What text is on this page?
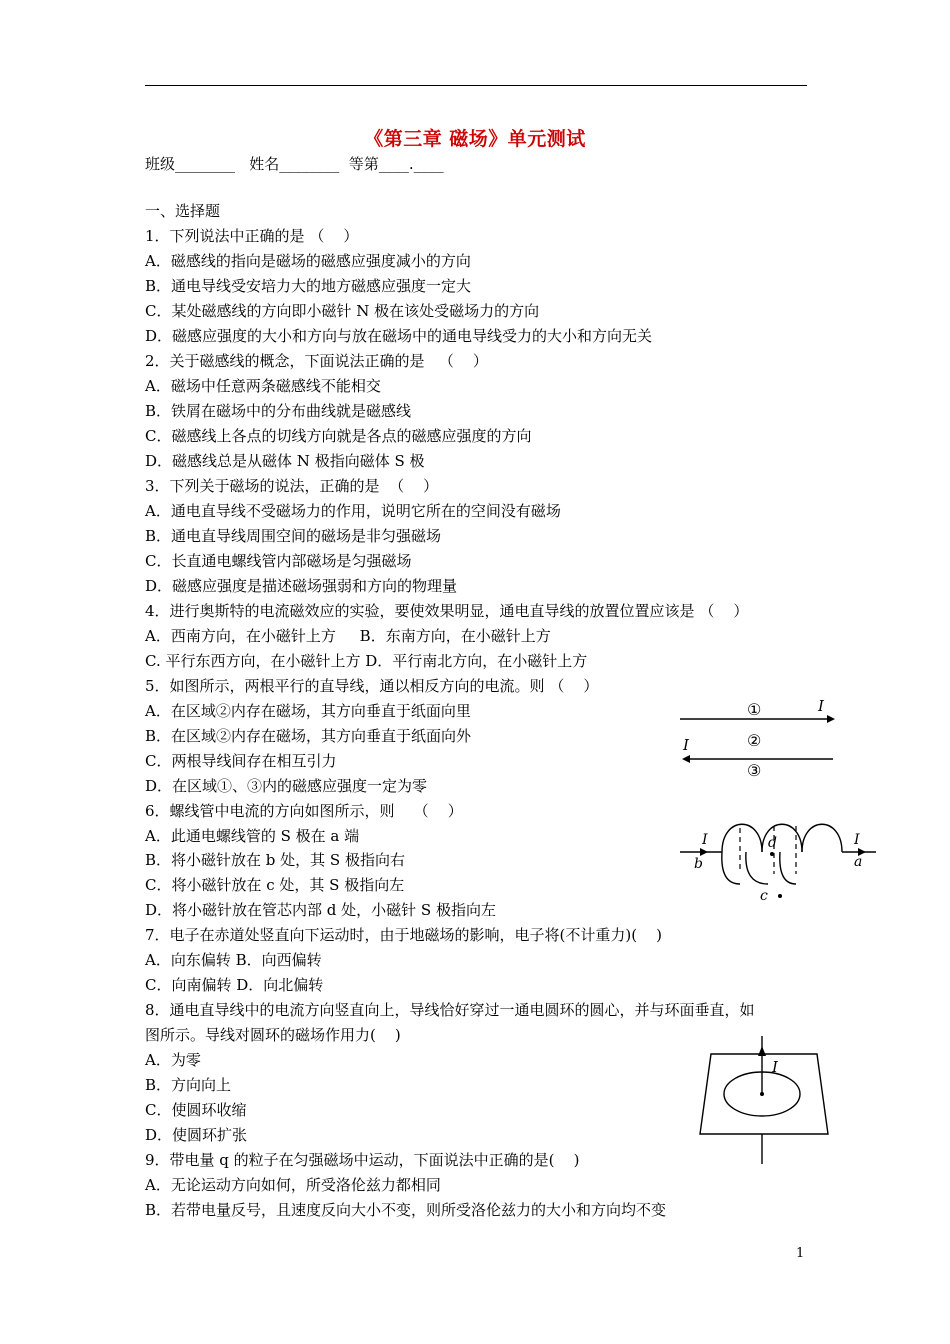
《第三章 磁场》单元测试
班级________   姓名________  等第____.____
一、选择题
1．下列说法中正确的是 （    ）
A．磁感线的指向是磁场的磁感应强度减小的方向
B．通电导线受安培力大的地方磁感应强度一定大
C．某处磁感线的方向即小磁针 N 极在该处受磁场力的方向
D．磁感应强度的大小和方向与放在磁场中的通电导线受力的大小和方向无关
2．关于磁感线的概念，下面说法正确的是   （    ）
A．磁场中任意两条磁感线不能相交
B．铁屑在磁场中的分布曲线就是磁感线
C．磁感线上各点的切线方向就是各点的磁感应强度的方向
D．磁感线总是从磁体 N 极指向磁体 S 极
3．下列关于磁场的说法，正确的是  （    ）
A．通电直导线不受磁场力的作用，说明它所在的空间没有磁场
B．通电直导线周围空间的磁场是非匀强磁场
C．长直通电螺线管内部磁场是匀强磁场
D．磁感应强度是描述磁场强弱和方向的物理量
4．进行奥斯特的电流磁效应的实验，要使效果明显，通电直导线的放置位置应该是 （    ）
A．西南方向，在小磁针上方     B．东南方向，在小磁针上方
C. 平行东西方向，在小磁针上方 D．平行南北方向，在小磁针上方
5．如图所示，两根平行的直导线，通以相反方向的电流。则 （    ）
A．在区域②内存在磁场，其方向垂直于纸面向里
B．在区域②内存在磁场，其方向垂直于纸面向外
C．两根导线间存在相互引力
D．在区域①、③内的磁感应强度一定为零
6．螺线管中电流的方向如图所示，则    （    ）
A．此通电螺线管的 S 极在 a 端
B．将小磁针放在 b 处，其 S 极指向右
C．将小磁针放在 c 处，其 S 极指向左
D．将小磁针放在管芯内部 d 处，小磁针 S 极指向左
7．电子在赤道处竖直向下运动时，由于地磁场的影响，电子将(不计重力)(    )
A．向东偏转 B．向西偏转
C．向南偏转 D．向北偏转
8．通电直导线中的电流方向竖直向上，导线恰好穿过一通电圆环的圆心，并与环面垂直，如
图所示。导线对圆环的磁场作用力(    )
A．为零
B．方向向上
C．使圆环收缩
D．使圆环扩张
9．带电量 q 的粒子在匀强磁场中运动，下面说法中正确的是(    )
A．无论运动方向如何，所受洛伦兹力都相同
B．若带电量反号，且速度反向大小不变，则所受洛伦兹力的大小和方向均不变
①
②
③
I
I
I	I
b	a
d
c
I
1
